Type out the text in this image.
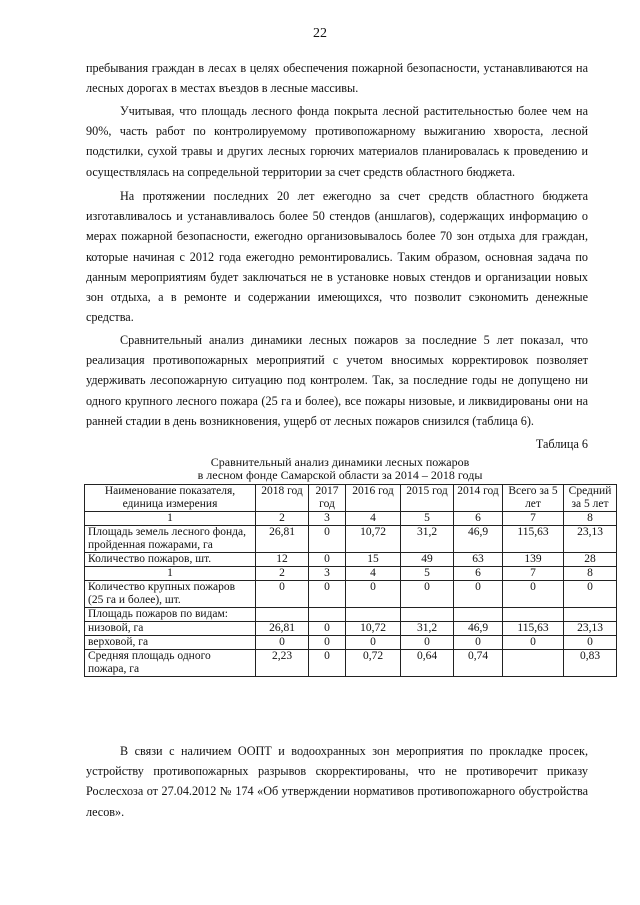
22

пребывания граждан в лесах в целях обеспечения пожарной безопасности, устанавливаются на лесных дорогах в местах въездов в лесные массивы.

Учитывая, что площадь лесного фонда покрыта лесной растительностью более чем на 90%, часть работ по контролируемому противопожарному выжиганию хвороста, лесной подстилки, сухой травы и других лесных горючих материалов планировалась к проведению и осуществлялась на сопредельной территории за счет средств областного бюджета.

На протяжении последних 20 лет ежегодно за счет средств областного бюджета изготавливалось и устанавливалось более 50 стендов (аншлагов), содержащих информацию о мерах пожарной безопасности, ежегодно организовывалось более 70 зон отдыха для граждан, которые начиная с 2012 года ежегодно ремонтировались. Таким образом, основная задача по данным мероприятиям будет заключаться не в установке новых стендов и организации новых зон отдыха, а в ремонте и содержании имеющихся, что позволит сэкономить денежные средства.

Сравнительный анализ динамики лесных пожаров за последние 5 лет показал, что реализация противопожарных мероприятий с учетом вносимых корректировок позволяет удерживать лесопожарную ситуацию под контролем. Так, за последние годы не допущено ни одного крупного лесного пожара (25 га и более), все пожары низовые, и ликвидированы они на ранней стадии в день возникновения, ущерб от лесных пожаров снизился (таблица 6).

Таблица 6
Сравнительный анализ динамики лесных пожаров
в лесном фонде Самарской области за 2014 – 2018 годы
Наименование показателя, единица измерения	2018 год	2017 год	2016 год	2015 год	2014 год	Всего за 5 лет	Средний за 5 лет
1	2	3	4	5	6	7	8
Площадь земель лесного фонда, пройденная пожарами, га	26,81	0	10,72	31,2	46,9	115,63	23,13
Количество пожаров, шт.	12	0	15	49	63	139	28
1	2	3	4	5	6	7	8
Количество крупных пожаров (25 га и более), шт.	0	0	0	0	0	0	0
Площадь пожаров по видам:							
низовой, га	26,81	0	10,72	31,2	46,9	115,63	23,13
верховой, га	0	0	0	0	0	0	0
Средняя площадь одного пожара, га	2,23	0	0,72	0,64	0,74		0,83

В связи с наличием ООПТ и водоохранных зон мероприятия по прокладке просек, устройству противопожарных разрывов скорректированы, что не противоречит приказу Рослесхоза от 27.04.2012 № 174 «Об утверждении нормативов противопожарного обустройства лесов».
